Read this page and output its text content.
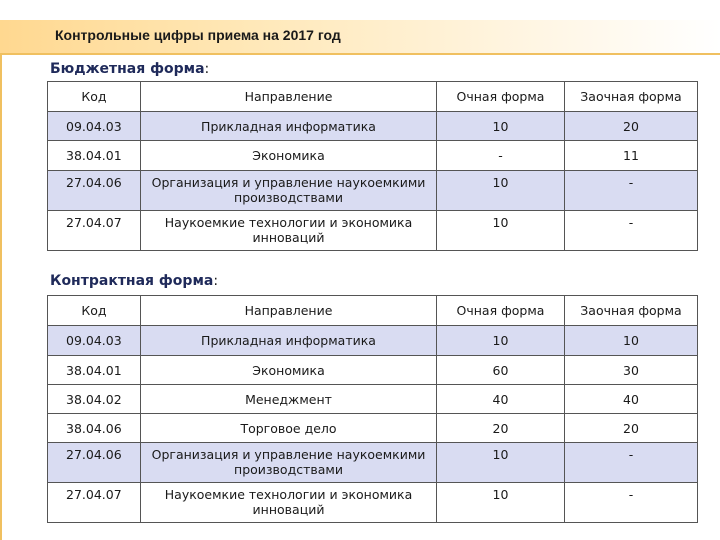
Контрольные цифры приема на 2017 год
Бюджетная форма:
Код	Направление	Очная форма	Заочная форма
09.04.03	Прикладная информатика	10	20
38.04.01	Экономика	-	11
27.04.06	Организация и управление наукоемкими производствами	10	-
27.04.07	Наукоемкие технологии и экономика инноваций	10	-
Контрактная форма:
Код	Направление	Очная форма	Заочная форма
09.04.03	Прикладная информатика	10	10
38.04.01	Экономика	60	30
38.04.02	Менеджмент	40	40
38.04.06	Торговое дело	20	20
27.04.06	Организация и управление наукоемкими производствами	10	-
27.04.07	Наукоемкие технологии и экономика инноваций	10	-
